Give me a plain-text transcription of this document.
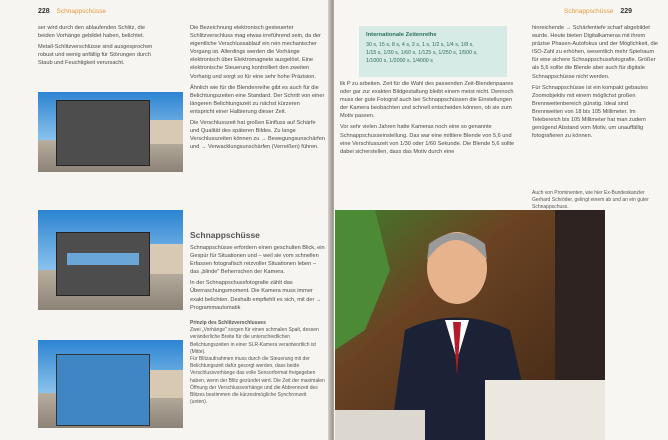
228 Schnappschüsse

ser wird durch den ablaufenden Schlitz, die beiden Vorhänge gebildet haben, belichtet.

Metall-Schlitzverschlüsse sind ausgesprochen robust und wenig anfällig für Störungen durch Staub und Feuchtigkeit verursacht.

Die Bezeichnung elektronisch gesteuerter Schlitzverschluss mag etwas irreführend sein, da der eigentliche Verschlussablauf ein rein mechanischer Vorgang ist. Allerdings werden die Vorhänge elektronisch über Elektromagnete ausgelöst. Eine elektronische Steuerung kontrolliert den zweiten Vorhang und sorgt so für eine sehr hohe Präzision.

Ähnlich wie für die Blendenreihe gibt es auch für die Belichtungszeiten eine Standard. Der Schritt von einer längeren Belichtungszeit zu nächst kürzeren entspricht einer Halbierung dieser Zeit.

Die Verschlusszeit hat großen Einfluss auf Schärfe und Qualität des späteren Bildes. Zu lange Verschlusszeiten können zu → Bewegungsunschärfen und → Verwacklungsunschärfen (Verreißen) führen.

Schnappschüsse

Schnappschüsse erfordern einen geschulten Blick, ein Gespür für Situationen und – weil sie vom schnellen Erfassen fotografisch reizvoller Situationen leben – das „blinde" Beherrschen der Kamera.

In der Schnappschussfotografie zählt das Überraschungsmoment. Die Kamera muss immer exakt belichten. Deshalb empfiehlt es sich, mit der → Programmautomatik

Prinzip des Schlitzverschlusses
Zwei „Vorhänge" sorgen für einen schmalen Spalt, dessen veränderliche Breite für die unterschiedlichen Belichtungszeiten in einer SLR-Kamera verantwortlich ist (Mitte).
Für Blitzaufnahmen muss durch die Steuerung mit der Belichtungszeit dafür gesorgt werden, dass beide Verschlussvorhänge das volle Sensorformat freigegeben haben, wenn der Blitz gezündet wird. Die Zeit der maximalen Öffnung der Verschlussvorhänge und die Abbrennzeit des Blitzes bestimmen die kürzestmögliche Synchronzeit (unten).
Schnappschüsse 229
Internationale Zeitenreihe
30 s, 15 s, 8 s, 4 s, 2 s, 1 s, 1/2 s, 1/4 s, 1/8 s,
1/15 s, 1/30 s, 1/60 s, 1/125 s, 1/250 s, 1/500 s,
1/1000 s, 1/2000 s, 1/4000 s

lik P zu arbeiten. Zeit für die Wahl des passenden Zeit-Blendenpaares oder gar zur exakten Bildgestaltung bleibt einem meist nicht. Dennoch muss der gute Fotograf auch bei Schnappschüssen die Einstellungen der Kamera beobachten und schnell entscheiden können, ob sie zum Motiv passen.

Vor sehr vielen Jahren hatte Kameras noch eine so genannte Schnappschusseinstellung. Das war eine mittlere Blende von 5,6 und eine Verschlusszeit von 1/30 oder 1/60 Sekunde. Die Blende 5,6 sollte dabei sicherstellen, dass das Motiv durch eine

hinreichende → Schärfentiefe scharf abgebildet wurde. Heute bieten Digitalkameras mit ihrem präzise Phasen-Autofokus und der Möglichkeit, die ISO-Zahl zu erhöhen, wesentlich mehr Spielraum für eine sichere Schnappschussfotografie. Größer als 5,6 sollte die Blende aber auch für digitale Schnappschüsse nicht werden.

Für Schnappschüsse ist ein kompakt gebautes Zoomobjektiv mit einem möglichst großen Brennweitenbereich günstig. Ideal sind Brennweiten von 18 bis 105 Millimeter. Im Telebereich bis 105 Millimeter hat man zudem genügend Abstand vom Motiv, um unauffällig fotografieren zu können.

Auch von Prominenten, wie hier Ex-Bundeskanzler Gerhard Schröder, gelingt einem ab und an ein guter Schnappschuss.
